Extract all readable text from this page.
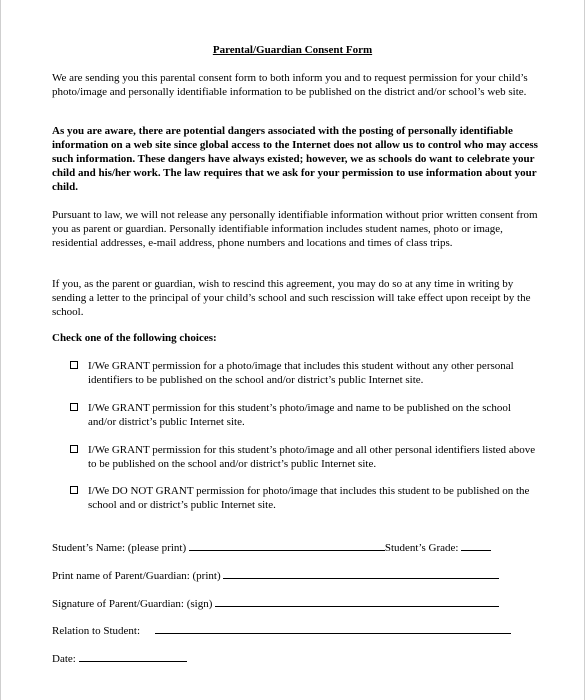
Parental/Guardian Consent Form

We are sending you this parental consent form to both inform you and to request permission for your child’s photo/image and personally identifiable information to be published on the district and/or school’s web site.

As you are aware, there are potential dangers associated with the posting of personally identifiable information on a web site since global access to the Internet does not allow us to control who may access such information. These dangers have always existed; however, we as schools do want to celebrate your child and his/her work. The law requires that we ask for your permission to use information about your child.

Pursuant to law, we will not release any personally identifiable information without prior written consent from you as parent or guardian. Personally identifiable information includes student names, photo or image, residential addresses, e-mail address, phone numbers and locations and times of class trips.

If you, as the parent or guardian, wish to rescind this agreement, you may do so at any time in writing by sending a letter to the principal of your child’s school and such rescission will take effect upon receipt by the school.

Check one of the following choices:
I/We GRANT permission for a photo/image that includes this student without any other personal identifiers to be published on the school and/or district’s public Internet site.
I/We GRANT permission for this student’s photo/image and name to be published on the school and/or district’s public Internet site.
I/We GRANT permission for this student’s photo/image and all other personal identifiers listed above to be published on the school and/or district’s public Internet site.
I/We DO NOT GRANT permission for photo/image that includes this student to be published on the school and or district’s public Internet site.
Student’s Name: (please print)	Student’s Grade:
Print name of Parent/Guardian: (print)
Signature of Parent/Guardian: (sign)
Relation to Student:
Date:
